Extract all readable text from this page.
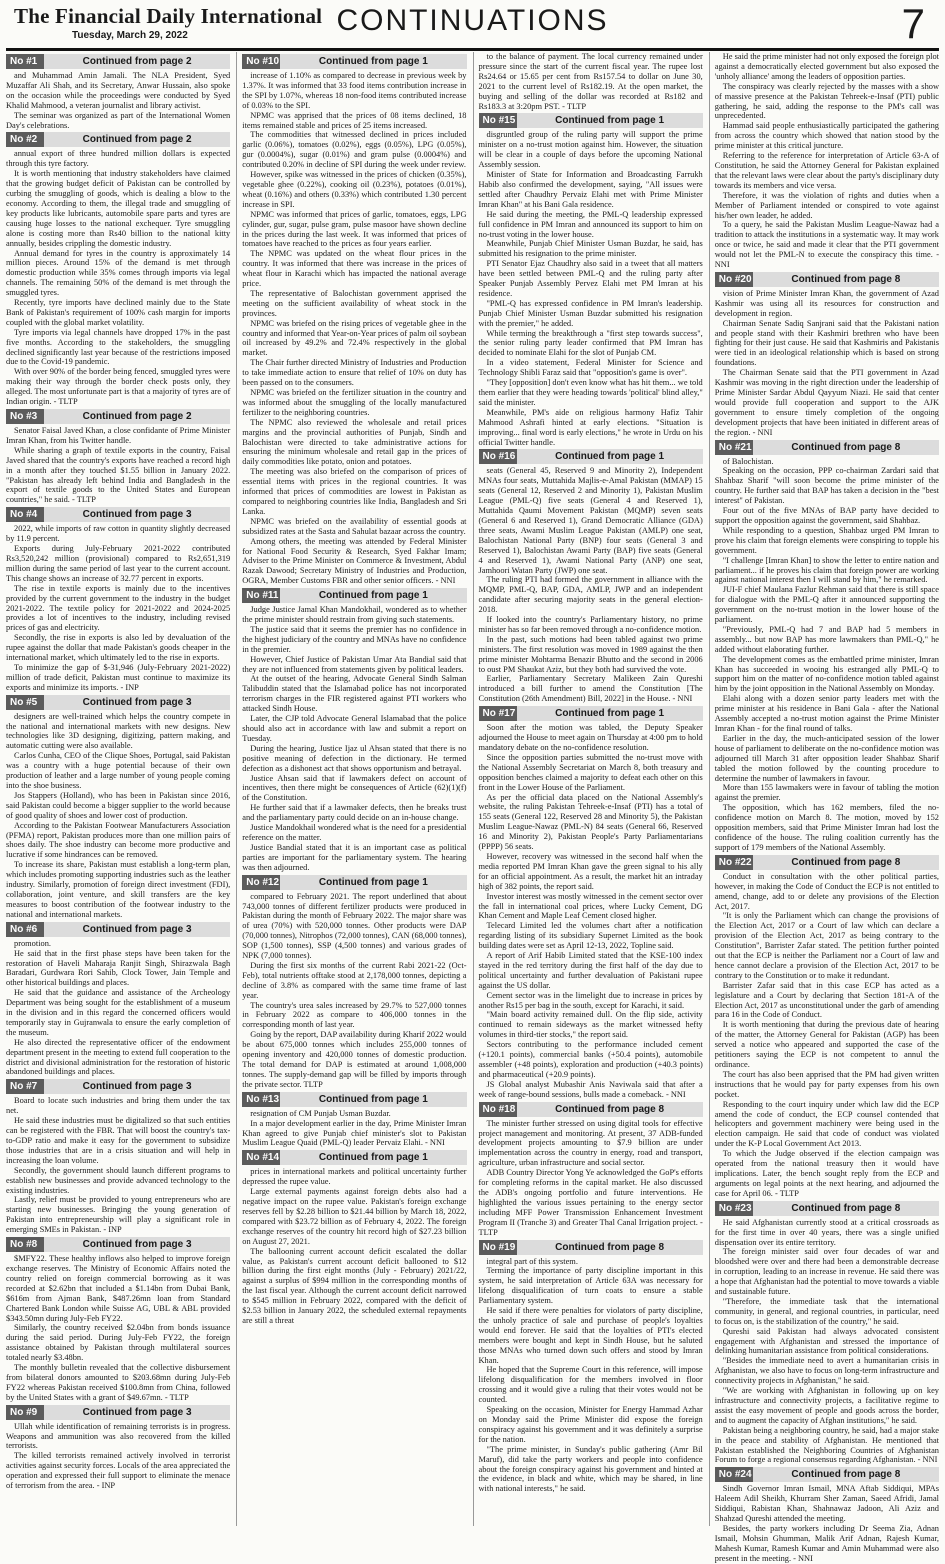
The Financial Daily International
Tuesday, March 29, 2022	CONTINUATIONS	7
No #1	Continued from page 2

and Muhammad Amin Jamali. The NLA President, Syed Muzaffar Ali Shah, and its Secretary, Anwar Hussain, also spoke on the occasion while the proceedings were conducted by Syed Khalid Mahmood, a veteran journalist and library activist.

The seminar was organized as part of the International Women Day's celebrations.

No #2	Continued from page 2

annual export of three hundred million dollars is expected through this tyre factory.

It is worth mentioning that industry stakeholders have claimed that the growing budget deficit of Pakistan can be controlled by curbing the smuggling of goods, which is dealing a blow to the economy. According to them, the illegal trade and smuggling of key products like lubricants, automobile spare parts and tyres are causing huge losses to the national exchequer. Tyre smuggling alone is costing more than Rs40 billion to the national kitty annually, besides crippling the domestic industry.

Annual demand for tyres in the country is approximately 14 million pieces. Around 15% of the demand is met through domestic production while 35% comes through imports via legal channels. The remaining 50% of the demand is met through the smuggled tyres.

Recently, tyre imports have declined mainly due to the State Bank of Pakistan's requirement of 100% cash margin for imports coupled with the global market volatility.

Tyre imports via legal channels have dropped 17% in the past five months. According to the stakeholders, the smuggling declined significantly last year because of the restrictions imposed due to the Covid-19 pandemic.

With over 90% of the border being fenced, smuggled tyres were making their way through the border check posts only, they alleged. The most unfortunate part is that a majority of tyres are of Indian origin. - TLTP

No #3	Continued from page 2

Senator Faisal Javed Khan, a close confidante of Prime Minister Imran Khan, from his Twitter handle.

While sharing a graph of textile exports in the country, Faisal Javed shared that the country's exports have reached a record high in a month after they touched $1.55 billion in January 2022. "Pakistan has already left behind India and Bangladesh in the export of textile goods to the United States and European countries," he said. - TLTP

No #4	Continued from page 3

2022, while imports of raw cotton in quantity slightly decreased by 11.9 percent.

Exports during July-February 2021-2022 contributed Rs3,520,242 million (provisional) compared to Rs2,651,319 million during the same period of last year to the current account. This change shows an increase of 32.77 percent in exports.

The rise in textile exports is mainly due to the incentives provided by the current government to the industry in the budget 2021-2022. The textile policy for 2021-2022 and 2024-2025 provides a lot of incentives to the industry, including revised prices of gas and electricity.

Secondly, the rise in exports is also led by devaluation of the rupee against the dollar that made Pakistan's goods cheaper in the international market, which ultimately led to the rise in exports.

To minimize the gap of $-31,946 (July-February 2021-2022) million of trade deficit, Pakistan must continue to maximize its exports and minimize its imports. - INP

No #5	Continued from page 3

designers are well-trained which helps the country compete in the national and international markets with new designs. New technologies like 3D designing, digitizing, pattern making, and automatic cutting were also available.

Carlos Cunha, CEO of the Clique Shoes, Portugal, said Pakistan was a country with a huge potential because of their own production of leather and a large number of young people coming into the shoe business.

Jos Stappers (Holland), who has been in Pakistan since 2016, said Pakistan could become a bigger supplier to the world because of good quality of shoes and lower cost of production.

According to the Pakistan Footwear Manufacturers Association (PFMA) report, Pakistan produces more than one million pairs of shoes daily. The shoe industry can become more productive and lucrative if some hindrances can be removed.

To increase its share, Pakistan must establish a long-term plan, which includes promoting supporting industries such as the leather industry. Similarly, promotion of foreign direct investment (FDI), collaboration, joint venture, and skill transfers are the key measures to boost contribution of the footwear industry to the national and international markets.

No #6	Continued from page 3

promotion.

He said that in the first phase steps have been taken for the restoration of Haveli Maharaja Ranjit Singh, Shirazwala Bagh Baradari, Gurdwara Rori Sahib, Clock Tower, Jain Temple and other historical buildings and places.

He said that the guidance and assistance of the Archeology Department was being sought for the establishment of a museum in the division and in this regard the concerned officers would temporarily stay in Gujranwala to ensure the early completion of the museum.

He also directed the representative officer of the endowment department present in the meeting to extend full cooperation to the district and divisional administration for the restoration of historic abandoned buildings and places.

No #7	Continued from page 3

Board to locate such industries and bring them under the tax net.

He said these industries must be digitalized so that such entities can be registered with the FBR. That will boost the country's tax-to-GDP ratio and make it easy for the government to subsidize those industries that are in a crisis situation and will help in increasing the loan volume.

Secondly, the government should launch different programs to establish new businesses and provide advanced technology to the existing industries.

Lastly, relief must be provided to young entrepreneurs who are starting new businesses. Bringing the young generation of Pakistan into entrepreneurship will play a significant role in emerging SMEs in Pakistan. - INP

No #8	Continued from page 3

$MFY22. These healthy inflows also helped to improve foreign exchange reserves. The Ministry of Economic Affairs noted the country relied on foreign commercial borrowing as it was recorded at $2.62bn that included a $1.14bn from Dubai Bank, $616m from Ajman Bank, $487.26mn loan from Standard Chartered Bank London while Suisse AG, UBL & ABL provided $343.50mn during July-Feb FY22.

Similarly, the country received $2.04bn from bonds issuance during the said period. During July-Feb FY22, the foreign assistance obtained by Pakistan through multilateral sources totaled nearly $3.48bn.

The monthly bulletin revealed that the collective disbursement from bilateral donors amounted to $203.68mn during July-Feb FY22 whereas Pakistan received $100.8mn from China, followed by the United States with a grant of $49.67mn. - TLTP

No #9	Continued from page 3

Ullah while identification of remaining terrorists is in progress. Weapons and ammunition was also recovered from the killed terrorists.

The killed terrorists remained actively involved in terrorist activities against security forces. Locals of the area appreciated the operation and expressed their full support to eliminate the menace of terrorism from the area. - INP

No #10	Continued from page 1

increase of 1.10% as compared to decrease in previous week by 1.37%. It was informed that 33 food items contribution increase in the SPI by 1.07%, whereas 18 non-food items contributed increase of 0.03% to the SPI.

NPMC was apprised that the prices of 08 items declined, 18 items remained stable and prices of 25 items increased.

The commodities that witnessed declined in prices included garlic (0.06%), tomatoes (0.02%), eggs (0.05%), LPG (0.05%), gur (0.0004%), sugar (0.01%) and gram pulse (0.0004%) and contributed 0.20% in decline of SPI during the week under review.

However, spike was witnessed in the prices of chicken (0.35%), vegetable ghee (0.22%), cooking oil (0.23%), potatoes (0.01%), wheat (0.16%) and others (0.33%) which contributed 1.30 percent increase in SPI.

NPMC was informed that prices of garlic, tomatoes, eggs, LPG cylinder, gur, sugar, pulse gram, pulse masoor have shown decline in the prices during the last week. It was informed that prices of tomatoes have reached to the prices as four years earlier.

The NPMC was updated on the wheat flour prices in the country. It was informed that there was increase in the prices of wheat flour in Karachi which has impacted the national average price.

The representative of Balochistan government apprised the meeting on the sufficient availability of wheat stock in the provinces.

NPMC was briefed on the rising prices of vegetable ghee in the country and informed that Year-on-Year prices of palm oil soybean oil increased by 49.2% and 72.4% respectively in the global market.

The Chair further directed Ministry of Industries and Production to take immediate action to ensure that relief of 10% on duty has been passed on to the consumers.

NPMC was briefed on the fertilizer situation in the country and was informed about the smuggling of the locally manufactured fertilizer to the neighboring countries.

The NPMC also reviewed the wholesale and retail prices margins and the provincial authorities of Punjab, Sindh and Balochistan were directed to take administrative actions for ensuring the minimum wholesale and retail gap in the prices of daily commodities like potato, onion and potatoes.

The meeting was also briefed on the comparison of prices of essential items with prices in the regional countries. It was informed that prices of commodities are lowest in Pakistan as compared to neighboring countries like India, Bangladesh and Sri Lanka.

NPMC was briefed on the availability of essential goods at subsidized rates at the Sasta and Sahulat bazaar across the country.

Among others, the meeting was attended by Federal Minister for National Food Security & Research, Syed Fakhar Imam; Adviser to the Prime Minister on Commerce & Investment, Abdul Razak Dawood; Secretary Ministry of Industries and Production, OGRA, Member Customs FBR and other senior officers. - NNI

No #11	Continued from page 1

Judge Justice Jamal Khan Mandokhail, wondered as to whether the prime minister should restrain from giving such statements.

The justice said that it seems the premier has no confidence in the highest judiciary of the country and MNAs have no confidence in the premier.

However, Chief Justice of Pakistan Umar Ata Bandial said that they are not influenced from statements given by political leaders.

At the outset of the hearing, Advocate General Sindh Salman Talibuddin stated that the Islamabad police has not incorporated terrorism charges in the FIR registered against PTI workers who attacked Sindh House.

Later, the CJP told Advocate General Islamabad that the police should also act in accordance with law and submit a report on Tuesday.

During the hearing, Justice Ijaz ul Ahsan stated that there is no positive meaning of defection in the dictionary. He termed defection as a dishonest act that shows opportunism and betrayal.

Justice Ahsan said that if lawmakers defect on account of incentives, then there might be consequences of Article (62)(1)(f) of the Constitution.

He further said that if a lawmaker defects, then he breaks trust and the parliamentary party could decide on an in-house change.

Justice Mandokhail wondered what is the need for a presidential reference on the matter.

Justice Bandial stated that it is an important case as political parties are important for the parliamentary system. The hearing was then adjourned.

No #12	Continued from page 1

compared to February 2021. The report underlined that about 743,000 tonnes of different fertilizer products were produced in Pakistan during the month of February 2022. The major share was of urea (70%) with 520,000 tonnes. Other products were DAP (70,000 tonnes), Nitrophos (72,000 tonnes), CAN (68,000 tonnes), SOP (1,500 tonnes), SSP (4,500 tonnes) and various grades of NPK (7,000 tonnes).

During the first six months of the current Rabi 2021-22 (Oct-Feb), total nutrients offtake stood at 2,178,000 tonnes, depicting a decline of 3.8% as compared with the same time frame of last year.

The country's urea sales increased by 29.7% to 527,000 tonnes in February 2022 as compare to 406,000 tonnes in the corresponding month of last year.

Going by the report, DAP availability during Kharif 2022 would be about 675,000 tonnes which includes 255,000 tonnes of opening inventory and 420,000 tonnes of domestic production. The total demand for DAP is estimated at around 1,008,000 tonnes. The supply-demand gap will be filled by imports through the private sector. TLTP

No #13	Continued from page 1

resignation of CM Punjab Usman Buzdar.

In a major development earlier in the day, Prime Minister Imran Khan agreed to give Punjab chief minister's slot to Pakistan Muslim League Quaid (PML-Q) leader Pervaiz Elahi. - NNI

No #14	Continued from page 1

prices in international markets and political uncertainty further depressed the rupee value.

Large external payments against foreign debts also had a negative impact on the rupee value. Pakistan's foreign exchange reserves fell by $2.28 billion to $21.44 billion by March 18, 2022, compared with $23.72 billion as of February 4, 2022. The foreign exchange reserves of the country hit record high of $27.23 billion on August 27, 2021.

The ballooning current account deficit escalated the dollar value, as Pakistan's current account deficit ballooned to $12 billion during the first eight months (July - February) 2021/22, against a surplus of $994 million in the corresponding months of the last fiscal year. Although the current account deficit narrowed to $545 million in February 2022, compared with the deficit of $2.53 billion in January 2022, the scheduled external repayments are still a threat

to the balance of payment. The local currency remained under pressure since the start of the current fiscal year. The rupee lost Rs24.64 or 15.65 per cent from Rs157.54 to dollar on June 30, 2021 to the current level of Rs182.19. At the open market, the buying and selling of the dollar was recorded at Rs182 and Rs183.3 at 3:20pm PST. - TLTP

No #15	Continued from page 1

disgruntled group of the ruling party will support the prime minister on a no-trust motion against him. However, the situation will be clear in a couple of days before the upcoming National Assembly session.

Minister of State for Information and Broadcasting Farrukh Habib also confirmed the development, saying, "All issues were settled after Chaudhry Pervaiz Elahi met with Prime Minister Imran Khan" at his Bani Gala residence.

He said during the meeting, the PML-Q leadership expressed full confidence in PM Imran and announced its support to him on no-trust voting in the lower house.

Meanwhile, Punjab Chief Minister Usman Buzdar, he said, has submitted his resignation to the prime minister.

PTI Senator Ejaz Chaudhry also said in a tweet that all matters have been settled between PML-Q and the ruling party after Speaker Punjab Assembly Pervez Elahi met PM Imran at his residence.

"PML-Q has expressed confidence in PM Imran's leadership. Punjab Chief Minister Usman Buzdar submitted his resignation with the premier," he added.

While terming the breakthrough a "first step towards success", the senior ruling party leader confirmed that PM Imran has decided to nominate Elahi for the slot of Punjab CM.

In a video statement, Federal Minister for Science and Technology Shibli Faraz said that "opposition's game is over".

"They [opposition] don't even know what has hit them... we told them earlier that they were heading towards 'political' blind alley," said the minister.

Meanwhile, PM's aide on religious harmony Hafiz Tahir Mahmood Ashrafi hinted at early elections. "Situation is improving... final word is early elections," he wrote in Urdu on his official Twitter handle.

No #16	Continued from page 1

seats (General 45, Reserved 9 and Minority 2), Independent MNAs four seats, Muttahida Majlis-e-Amal Pakistan (MMAP) 15 seats (General 12, Reserved 2 and Minority 1), Pakistan Muslim League (PML-Q) five seats (General 4 and Reserved 1), Muttahida Qaumi Movement Pakistan (MQMP) seven seats (General 6 and Reserved 1), Grand Democratic Alliance (GDA) three seats, Awami Muslim League Pakistan (AMLP) one seat, Balochistan National Party (BNP) four seats (General 3 and Reserved 1), Balochistan Awami Party (BAP) five seats (General 4 and Reserved 1), Awami National Party (ANP) one seat, Jamhoori Watan Party (JWP) one seat.

The ruling PTI had formed the government in alliance with the MQMP, PML-Q, BAP, GDA, AMLP, JWP and an independent candidate after securing majority seats in the general election-2018.

If looked into the country's Parliamentary history, no prime minister has so far been removed through a no-confidence motion.

In the past, such motions had been tabled against two prime ministers. The first resolution was moved in 1989 against the then prime minister Mohtarma Benazir Bhutto and the second in 2006 to oust PM Shaukat Aziz, but they both had survived the vote.

Earlier, Parliamentary Secretary Malikeen Zain Qureshi introduced a bill further to amend the Constitution [The Constitution (26th Amendment) Bill, 2022] in the House. - NNI

No #17	Continued from page 1

Soon after the motion was tabled, the Deputy Speaker adjourned the House to meet again on Thursday at 4:00 pm to hold mandatory debate on the no-confidence resolution.

Since the opposition parties submitted the no-trust move with the National Assembly Secretariat on March 8, both treasury and opposition benches claimed a majority to defeat each other on this front in the Lower House of the Parliament.

As per the official data placed on the National Assembly's website, the ruling Pakistan Tehreek-e-Insaf (PTI) has a total of 155 seats (General 122, Reserved 28 and Minority 5), the Pakistan Muslim League-Nawaz (PML-N) 84 seats (General 66, Reserved 16 and Minority 2), Pakistan People's Party Parliamentarians (PPPP) 56 seats.

However, recovery was witnessed in the second half when the media reported PM Imran Khan gave the green signal to his ally for an official appointment. As a result, the market hit an intraday high of 382 points, the report said.

Investor interest was mostly witnessed in the cement sector over the fall in international coal prices, where Lucky Cement, DG Khan Cement and Maple Leaf Cement closed higher.

Telecard Limited led the volumes chart after a notification regarding listing of its subsidiary Supernet Limited as the book building dates were set as April 12-13, 2022, Topline said.

A report of Arif Habib Limited stated that the KSE-100 index stayed in the red territory during the first half of the day due to political uncertainty and further devaluation of Pakistani rupee against the US dollar.

Cement sector was in the limelight due to increase in prices by another Rs15 per bag in the south, except for Karachi, it said.

"Main board activity remained dull. On the flip side, activity continued to remain sideways as the market witnessed hefty volumes in third-tier stocks," the report said.

Sectors contributing to the performance included cement (+120.1 points), commercial banks (+50.4 points), automobile assembler (+48 points), exploration and production (+40.3 points) and pharmaceutical (+20.9 points).

JS Global analyst Mubashir Anis Naviwala said that after a week of range-bound sessions, bulls made a comeback. - NNI

No #18	Continued from page 8

The minister further stressed on using digital tools for effective project management and monitoring. At present, 37 ADB-funded development projects amounting to $7.9 billion are under implementation across the country in energy, road and transport, agriculture, urban infrastructure and social sector.

ADB Country Director Yong Ye acknowledged the GoP's efforts for completing reforms in the capital market. He also discussed the ADB's ongoing portfolio and future interventions. He highlighted the various issues pertaining to the energy sector including MFF Power Transmission Enhancement Investment Program II (Tranche 3) and Greater Thal Canal Irrigation project. - TLTP

No #19	Continued from page 8

integral part of this system.

Terming the importance of party discipline important in this system, he said interpretation of Article 63A was necessary for lifelong disqualification of turn coats to ensure a stable Parliamentary system.

He said if there were penalties for violators of party discipline, the unholy practice of sale and purchase of people's loyalties would end forever. He said that the loyalties of PTI's elected members were bought and kept in Sindh House, but he saluted those MNAs who turned down such offers and stood by Imran Khan.

He hoped that the Supreme Court in this reference, will impose lifelong disqualification for the members involved in floor crossing and it would give a ruling that their votes would not be counted.

Speaking on the occasion, Minister for Energy Hammad Azhar on Monday said the Prime Minister did expose the foreign conspiracy against his government and it was definitely a surprise for the nation.

"The prime minister, in Sunday's public gathering (Amr Bil Maruf), did take the party workers and people into confidence about the foreign conspiracy against his government and hinted at the evidence, in black and white, which may be shared, in line with national interests," he said.

He said the prime minister had not only exposed the foreign plot against a democratically elected government but also exposed the 'unholy alliance' among the leaders of opposition parties.

The conspiracy was clearly rejected by the masses with a show of massive presence at the Pakistan Tehreek-e-Insaf (PTI) public gathering, he said, adding the response to the PM's call was unprecedented.

Hammad said people enthusiastically participated the gathering from across the country which showed that nation stood by the prime minister at this critical juncture.

Referring to the reference for interpretation of Article 63-A of Constitution, he said the Attorney General for Pakistan explained that the relevant laws were clear about the party's disciplinary duty towards its members and vice versa.

Therefore, it was the violation of rights and duties when a Member of Parliament intended or conspired to vote against his/her own leader, he added.

To a query, he said the Pakistan Muslim League-Nawaz had a tradition to attack the institutions in a systematic way. It may work once or twice, he said and made it clear that the PTI government would not let the PML-N to execute the conspiracy this time. - NNI

No #20	Continued from page 8

vision of Prime Minister Imran Khan, the government of Azad Kashmir was using all its resources for construction and development in region.

Chairman Senate Sadiq Sanjrani said that the Pakistani nation and people stand with their Kashmiri brethren who have been fighting for their just cause. He said that Kashmiris and Pakistanis were tied in an ideological relationship which is based on strong foundations.

The Chairman Senate said that the PTI government in Azad Kashmir was moving in the right direction under the leadership of Prime Minister Sardar Abdul Qayyum Niazi. He said that center would provide full cooperation and support to the AJK government to ensure timely completion of the ongoing development projects that have been initiated in different areas of the region. - NNI

No #21	Continued from page 8

of Balochistan.

Speaking on the occasion, PPP co-chairman Zardari said that Shahbaz Sharif "will soon become the prime minister of the country. He further said that BAP has taken a decision in the "best interest" of Pakistan.

Four out of the five MNAs of BAP party have decided to support the opposition against the government, said Shahbaz.

While responding to a question, Shahbaz urged PM Imran to prove his claim that foreign elements were conspiring to topple his government.

"I challenge [Imran Khan] to show the letter to entire nation and parliament... if he proves his claim that foreign power are working against national interest then I will stand by him," he remarked.

JUI-F chief Maulana Fazlur Rehman said that there is still space for dialogue with the PML-Q after it announced supporting the government on the no-trust motion in the lower house of the parliament.

"Previously, PML-Q had 7 and BAP had 5 members in assembly... but now BAP has more lawmakers than PML-Q," he added without elaborating further.

The development comes as the embattled prime minister, Imran Khan has succeeded in wooing his estranged ally PML-Q to support him on the matter of no-confidence motion tabled against him by the joint opposition in the National Assembly on Monday.

Elahi along with a dozen senior party leaders met with the prime minister at his residence in Bani Gala - after the National Assembly accepted a no-trust motion against the Prime Minister Imran Khan - for the final round of talks.

Earlier in the day, the much-anticipated session of the lower house of parliament to deliberate on the no-confidence motion was adjourned till March 31 after opposition leader Shahbaz Sharif tabled the motion followed by the counting procedure to determine the number of lawmakers in favour.

More than 155 lawmakers were in favour of tabling the motion against the premier.

The opposition, which has 162 members, filed the no-confidence motion on March 8. The motion, moved by 152 opposition members, said that Prime Minister Imran had lost the confidence of the house. The ruling coalition currently has the support of 179 members of the National Assembly.

No #22	Continued from page 8

Conduct in consultation with the other political parties, however, in making the Code of Conduct the ECP is not entitled to amend, change, add to or delete any provisions of the Election Act, 2017.

"It is only the Parliament which can change the provisions of the Election Act, 2017 or a Court of law which can declare a provision of the Election Act, 2017 as being contrary to the Constitution", Barrister Zafar stated. The petition further pointed out that the ECP is neither the Parliament nor a Court of law and hence cannot declare a provision of the Election Act, 2017 to be contrary to the Constitution or to make it redundant.

Barrister Zafar said that in this case ECP has acted as a legislature and a Court by declaring that Section 181-A of the Election Act, 2017 as unconstitutional under the garb of amending para 16 in the Code of Conduct.

It is worth mentioning that during the previous date of hearing of the matter, the Attorney General for Pakistan (AGP) has been served a notice who appeared and supported the case of the petitioners saying the ECP is not competent to annul the ordinance.

The court has also been apprised that the PM had given written instructions that he would pay for party expenses from his own pocket.

Responding to the court inquiry under which law did the ECP amend the code of conduct, the ECP counsel contended that helicopters and government machinery were being used in the election campaign. He said that code of conduct was violated under the K-P Local Government Act 2013.

To which the Judge observed if the election campaign was operated from the national treasury then it would have implications. Later, the bench sought reply from the ECP and arguments on legal points at the next hearing, and adjourned the case for April 06. - TLTP

No #23	Continued from page 8

He said Afghanistan currently stood at a critical crossroads as for the first time in over 40 years, there was a single unified dispensation over its entire territory.

The foreign minister said over four decades of war and bloodshed were over and there had been a demonstrable decrease in corruption, leading to an increase in revenue. He said there was a hope that Afghanistan had the potential to move towards a viable and sustainable future.

"Therefore, the immediate task that the international community, in general, and regional countries, in particular, need to focus on, is the stabilization of the country," he said.

Qureshi said Pakistan had always advocated consistent engagement with Afghanistan and stressed the importance of delinking humanitarian assistance from political considerations.

"Besides the immediate need to avert a humanitarian crisis in Afghanistan, we also have to focus on long-term infrastructure and connectivity projects in Afghanistan," he said.

"We are working with Afghanistan in following up on key infrastructure and connectivity projects, a facilitative regime to assist the easy movement of people and goods across the border, and to augment the capacity of Afghan institutions," he said.

Pakistan being a neighboring country, he said, had a major stake in the peace and stability of Afghanistan. He mentioned that Pakistan established the Neighboring Countries of Afghanistan Forum to forge a regional consensus regarding Afghanistan. - NNI

No #24	Continued from page 8

Sindh Governor Imran Ismail, MNA Aftab Siddiqui, MPAs Haleem Adil Sheikh, Khurram Sher Zaman, Saeed Afridi, Jamal Siddiqui, Rabistan Khan, Shahnawaz Jadoon, Ali Aziz and Shahzad Qureshi attended the meeting.

Besides, the party workers including Dr Seema Zia, Adnan Ismail, Mohsin Ghumman, Malik Arif Adnan, Rajesh Kumar, Mahesh Kumar, Ramesh Kumar and Amin Muhammad were also present in the meeting. - NNI
